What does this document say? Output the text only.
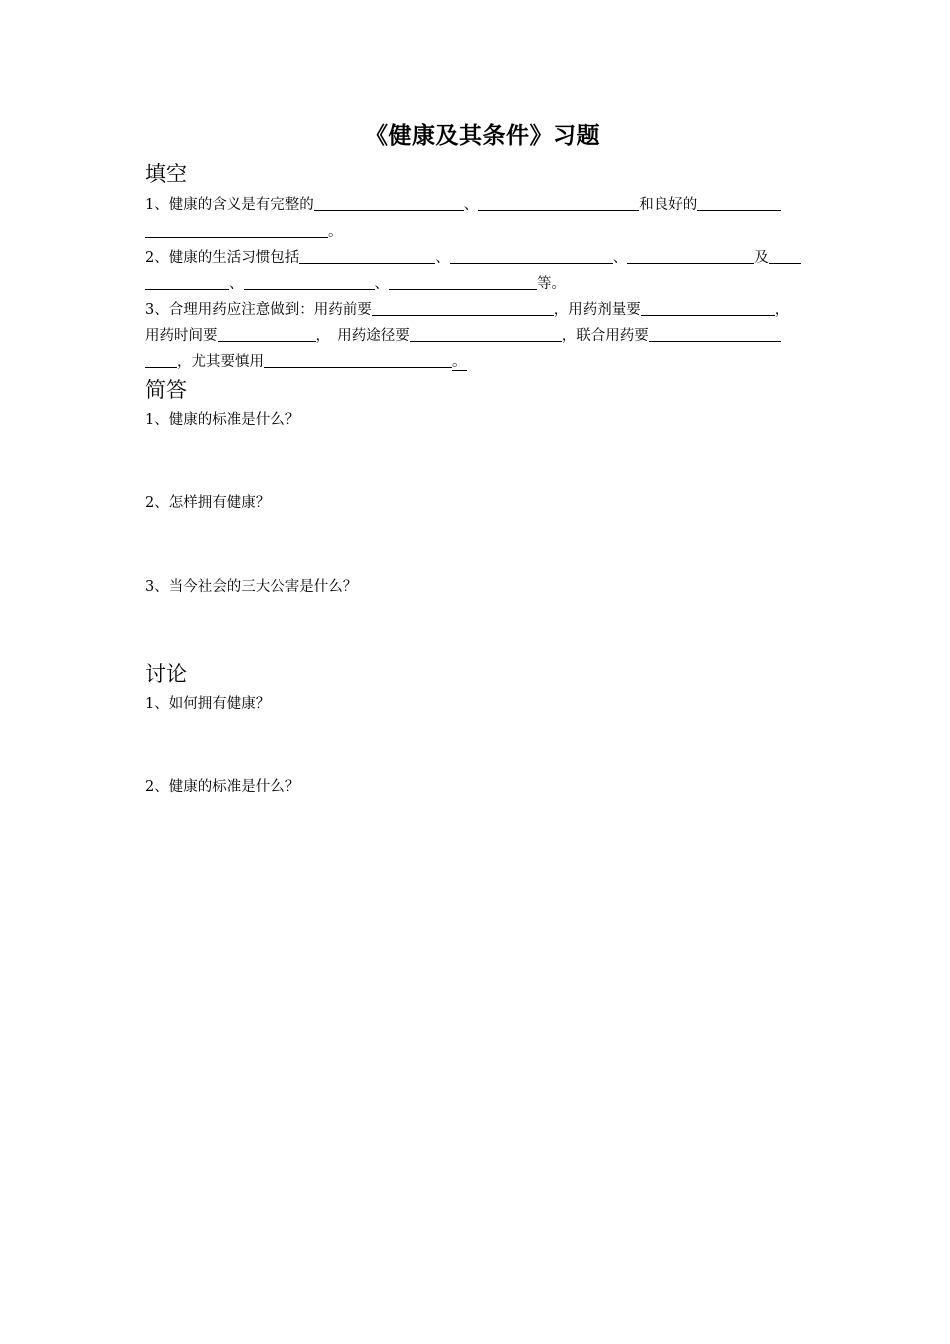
《健康及其条件》习题
填空
1、健康的含义是有完整的	、	和良好的
。
2、健康的生活习惯包括	、	、	及
、	、	等。
3、合理用药应注意做到：用药前要	，用药剂量要	，
用药时间要	，　用药途径要	，联合用药要
，尤其要慎用	。
简答
1、健康的标准是什么？
2、怎样拥有健康？
3、当今社会的三大公害是什么？
讨论
1、如何拥有健康？
2、健康的标准是什么？
